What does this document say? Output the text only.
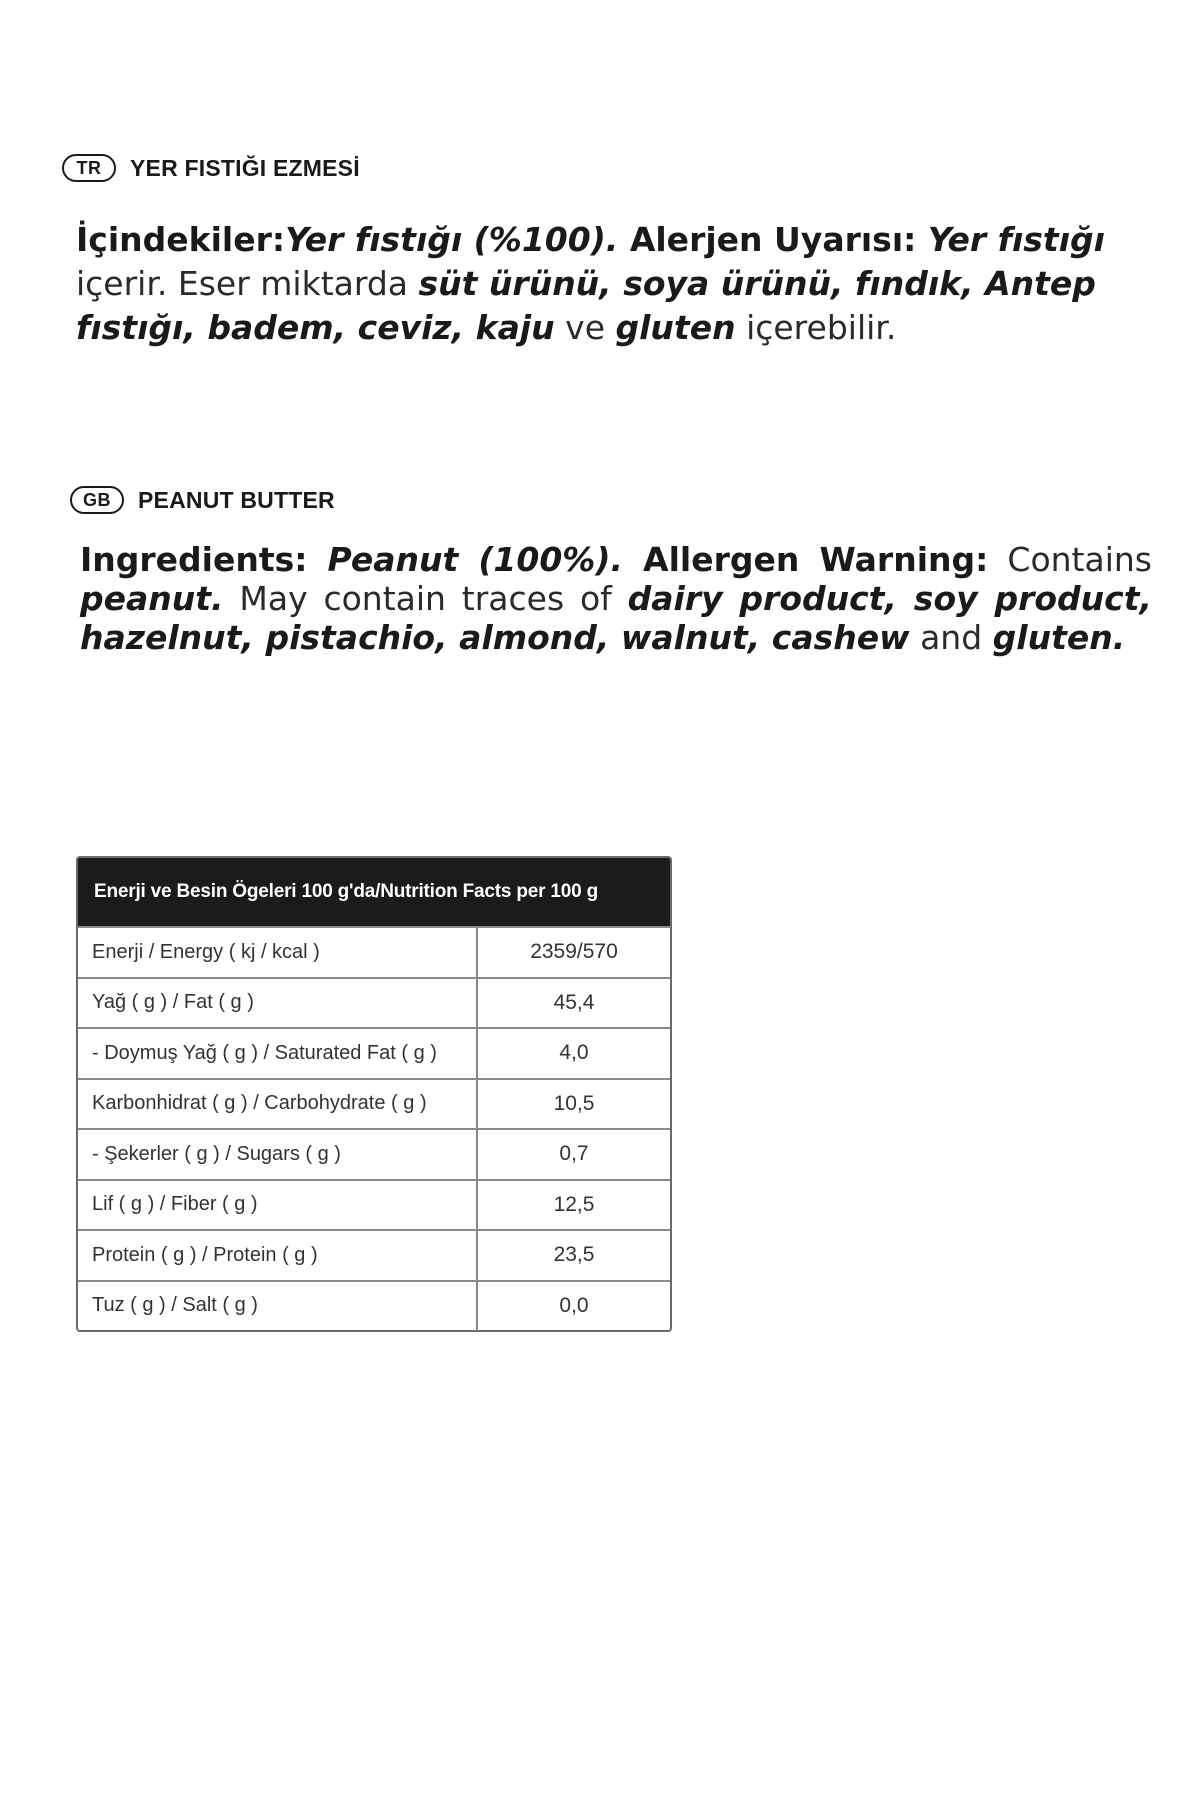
TR	YER FISTIĞI EZMESİ

İçindekiler:Yer fıstığı (%100). Alerjen Uyarısı: Yer fıstığı içerir. Eser miktarda süt ürünü, soya ürünü, fındık, Antep fıstığı, badem, ceviz, kaju ve gluten içerebilir.

GB	PEANUT BUTTER

Ingredients: Peanut (100%). Allergen Warning: Contains peanut. May contain traces of dairy product, soy product, hazelnut, pistachio, almond, walnut, cashew and gluten.

Enerji ve Besin Ögeleri 100 g'da/Nutrition Facts per 100 g
Enerji / Energy ( kj / kcal )	2359/570
Yağ ( g ) / Fat ( g )	45,4
- Doymuş Yağ ( g ) / Saturated Fat ( g )	4,0
Karbonhidrat ( g ) / Carbohydrate ( g )	10,5
- Şekerler ( g ) / Sugars ( g )	0,7
Lif ( g ) / Fiber ( g )	12,5
Protein ( g ) / Protein ( g )	23,5
Tuz ( g ) / Salt ( g )	0,0
